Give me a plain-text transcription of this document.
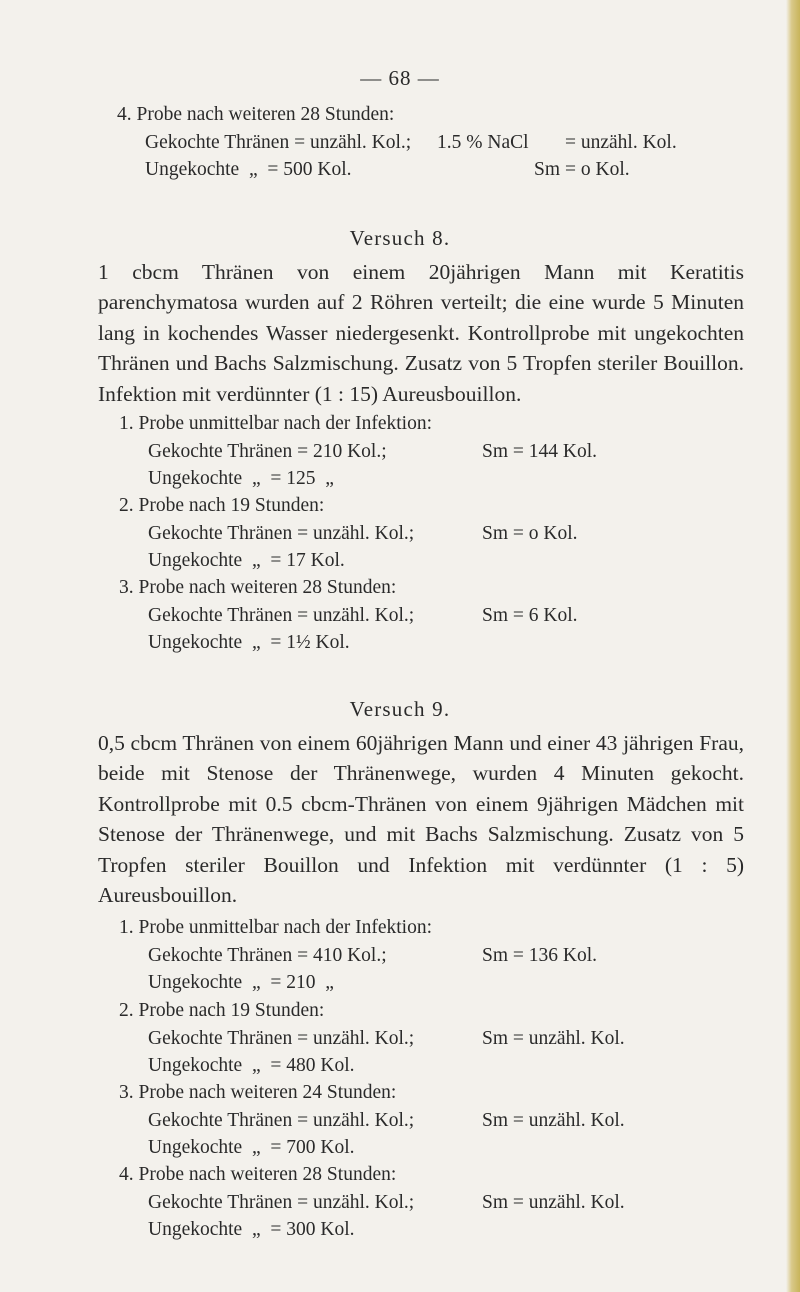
— 68 —
4. Probe nach weiteren 28 Stunden:
Gekochte Thränen = unzähl. Kol.; 1.5 % NaCl = unzähl. Kol.
Ungekochte  „  = 500 Kol.	Sm = o Kol.
Versuch 8.

1 cbcm Thränen von einem 20jährigen Mann mit Keratitis parenchymatosa wurden auf 2 Röhren verteilt; die eine wurde 5 Minuten lang in kochendes Wasser niedergesenkt. Kontrollprobe mit ungekochten Thränen und Bachs Salzmischung. Zusatz von 5 Tropfen steriler Bouillon. Infektion mit verdünnter (1 : 15) Aureusbouillon.

1. Probe unmittelbar nach der Infektion:
Gekochte Thränen = 210 Kol.;	Sm = 144 Kol.
Ungekochte  „  = 125  „
2. Probe nach 19 Stunden:
Gekochte Thränen = unzähl. Kol.;	Sm = o Kol.
Ungekochte  „  = 17 Kol.
3. Probe nach weiteren 28 Stunden:
Gekochte Thränen = unzähl. Kol.;	Sm = 6 Kol.
Ungekochte  „  = 1½ Kol.
Versuch 9.

0,5 cbcm Thränen von einem 60jährigen Mann und einer 43 jährigen Frau, beide mit Stenose der Thränenwege, wurden 4 Minuten gekocht. Kontrollprobe mit 0.5 cbcm-Thränen von einem 9jährigen Mädchen mit Stenose der Thränenwege, und mit Bachs Salzmischung. Zusatz von 5 Tropfen steriler Bouillon und Infektion mit verdünnter (1 : 5) Aureusbouillon.

1. Probe unmittelbar nach der Infektion:
Gekochte Thränen = 410 Kol.;	Sm = 136 Kol.
Ungekochte  „  = 210  „
2. Probe nach 19 Stunden:
Gekochte Thränen = unzähl. Kol.;	Sm = unzähl. Kol.
Ungekochte  „  = 480 Kol.
3. Probe nach weiteren 24 Stunden:
Gekochte Thränen = unzähl. Kol.;	Sm = unzähl. Kol.
Ungekochte  „  = 700 Kol.
4. Probe nach weiteren 28 Stunden:
Gekochte Thränen = unzähl. Kol.;	Sm = unzähl. Kol.
Ungekochte  „  = 300 Kol.
